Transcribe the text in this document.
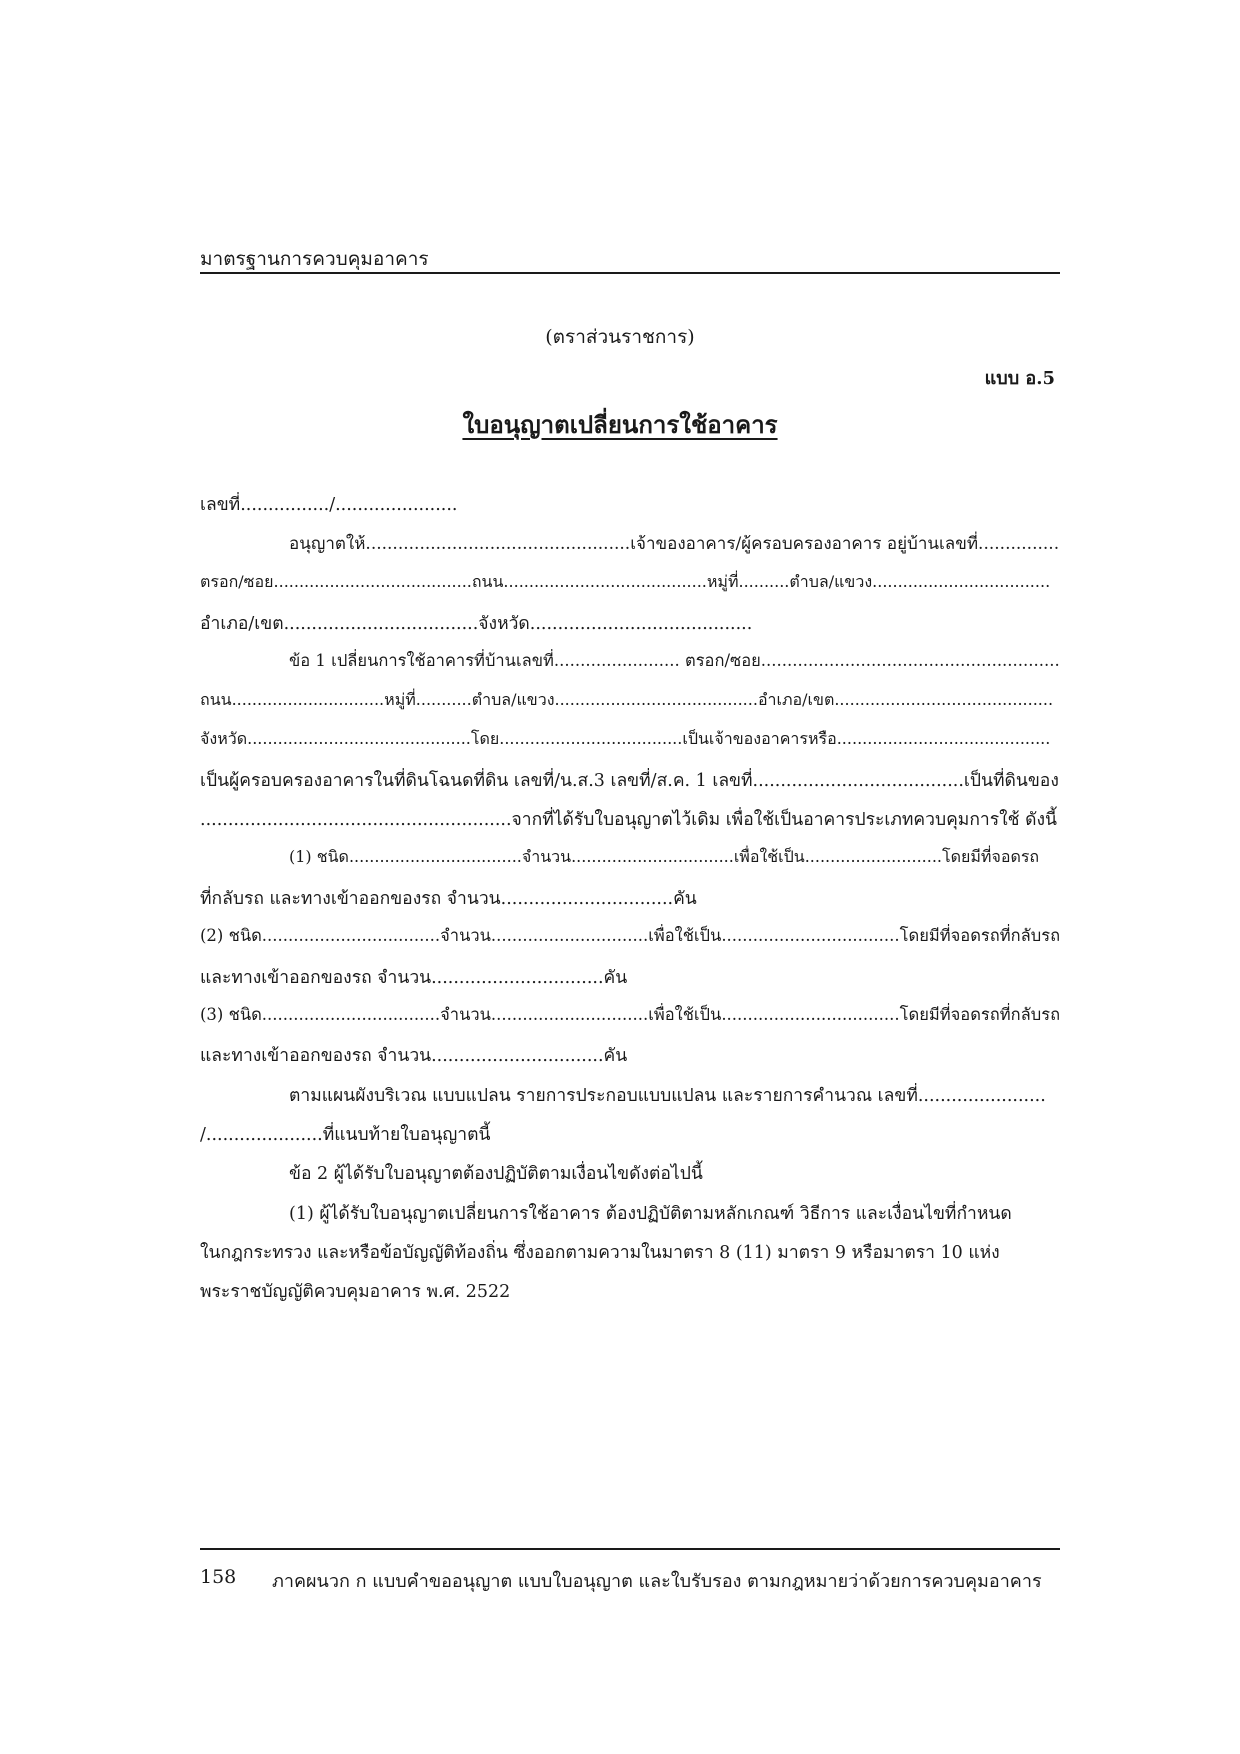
มาตรฐานการควบคุมอาคาร
(ตราส่วนราชการ)
แบบ อ.5
ใบอนุญาตเปลี่ยนการใช้อาคาร
เลขที่................/......................
อนุญาตให้.................................................เจ้าของอาคาร/ผู้ครอบครองอาคาร อยู่บ้านเลขที่...............
ตรอก/ซอย.......................................ถนน........................................หมู่ที่..........ตำบล/แขวง...................................
อำเภอ/เขต...................................จังหวัด........................................
ข้อ 1 เปลี่ยนการใช้อาคารที่บ้านเลขที่........................ ตรอก/ซอย.........................................................
ถนน..............................หมู่ที่...........ตำบล/แขวง........................................อำเภอ/เขต...........................................
จังหวัด............................................โดย....................................เป็นเจ้าของอาคารหรือ..........................................
เป็นผู้ครอบครองอาคารในที่ดินโฉนดที่ดิน เลขที่/น.ส.3 เลขที่/ส.ค. 1 เลขที่......................................เป็นที่ดินของ
........................................................จากที่ได้รับใบอนุญาตไว้เดิม เพื่อใช้เป็นอาคารประเภทควบคุมการใช้ ดังนี้
(1) ชนิด..................................จำนวน................................เพื่อใช้เป็น...........................โดยมีที่จอดรถ
ที่กลับรถ และทางเข้าออกของรถ จำนวน...............................คัน
(2) ชนิด..................................จำนวน..............................เพื่อใช้เป็น..................................โดยมีที่จอดรถที่กลับรถ
และทางเข้าออกของรถ จำนวน...............................คัน
(3) ชนิด..................................จำนวน..............................เพื่อใช้เป็น..................................โดยมีที่จอดรถที่กลับรถ
และทางเข้าออกของรถ จำนวน...............................คัน
ตามแผนผังบริเวณ แบบแปลน รายการประกอบแบบแปลน และรายการคำนวณ เลขที่.......................
/.....................ที่แนบท้ายใบอนุญาตนี้
ข้อ 2 ผู้ได้รับใบอนุญาตต้องปฏิบัติตามเงื่อนไขดังต่อไปนี้
(1) ผู้ได้รับใบอนุญาตเปลี่ยนการใช้อาคาร ต้องปฏิบัติตามหลักเกณฑ์ วิธีการ และเงื่อนไขที่กำหนด
ในกฎกระทรวง และหรือข้อบัญญัติท้องถิ่น ซึ่งออกตามความในมาตรา 8 (11) มาตรา 9 หรือมาตรา 10 แห่ง
พระราชบัญญัติควบคุมอาคาร พ.ศ. 2522
158 ภาคผนวก ก แบบคำขออนุญาต แบบใบอนุญาต และใบรับรอง ตามกฎหมายว่าด้วยการควบคุมอาคาร
